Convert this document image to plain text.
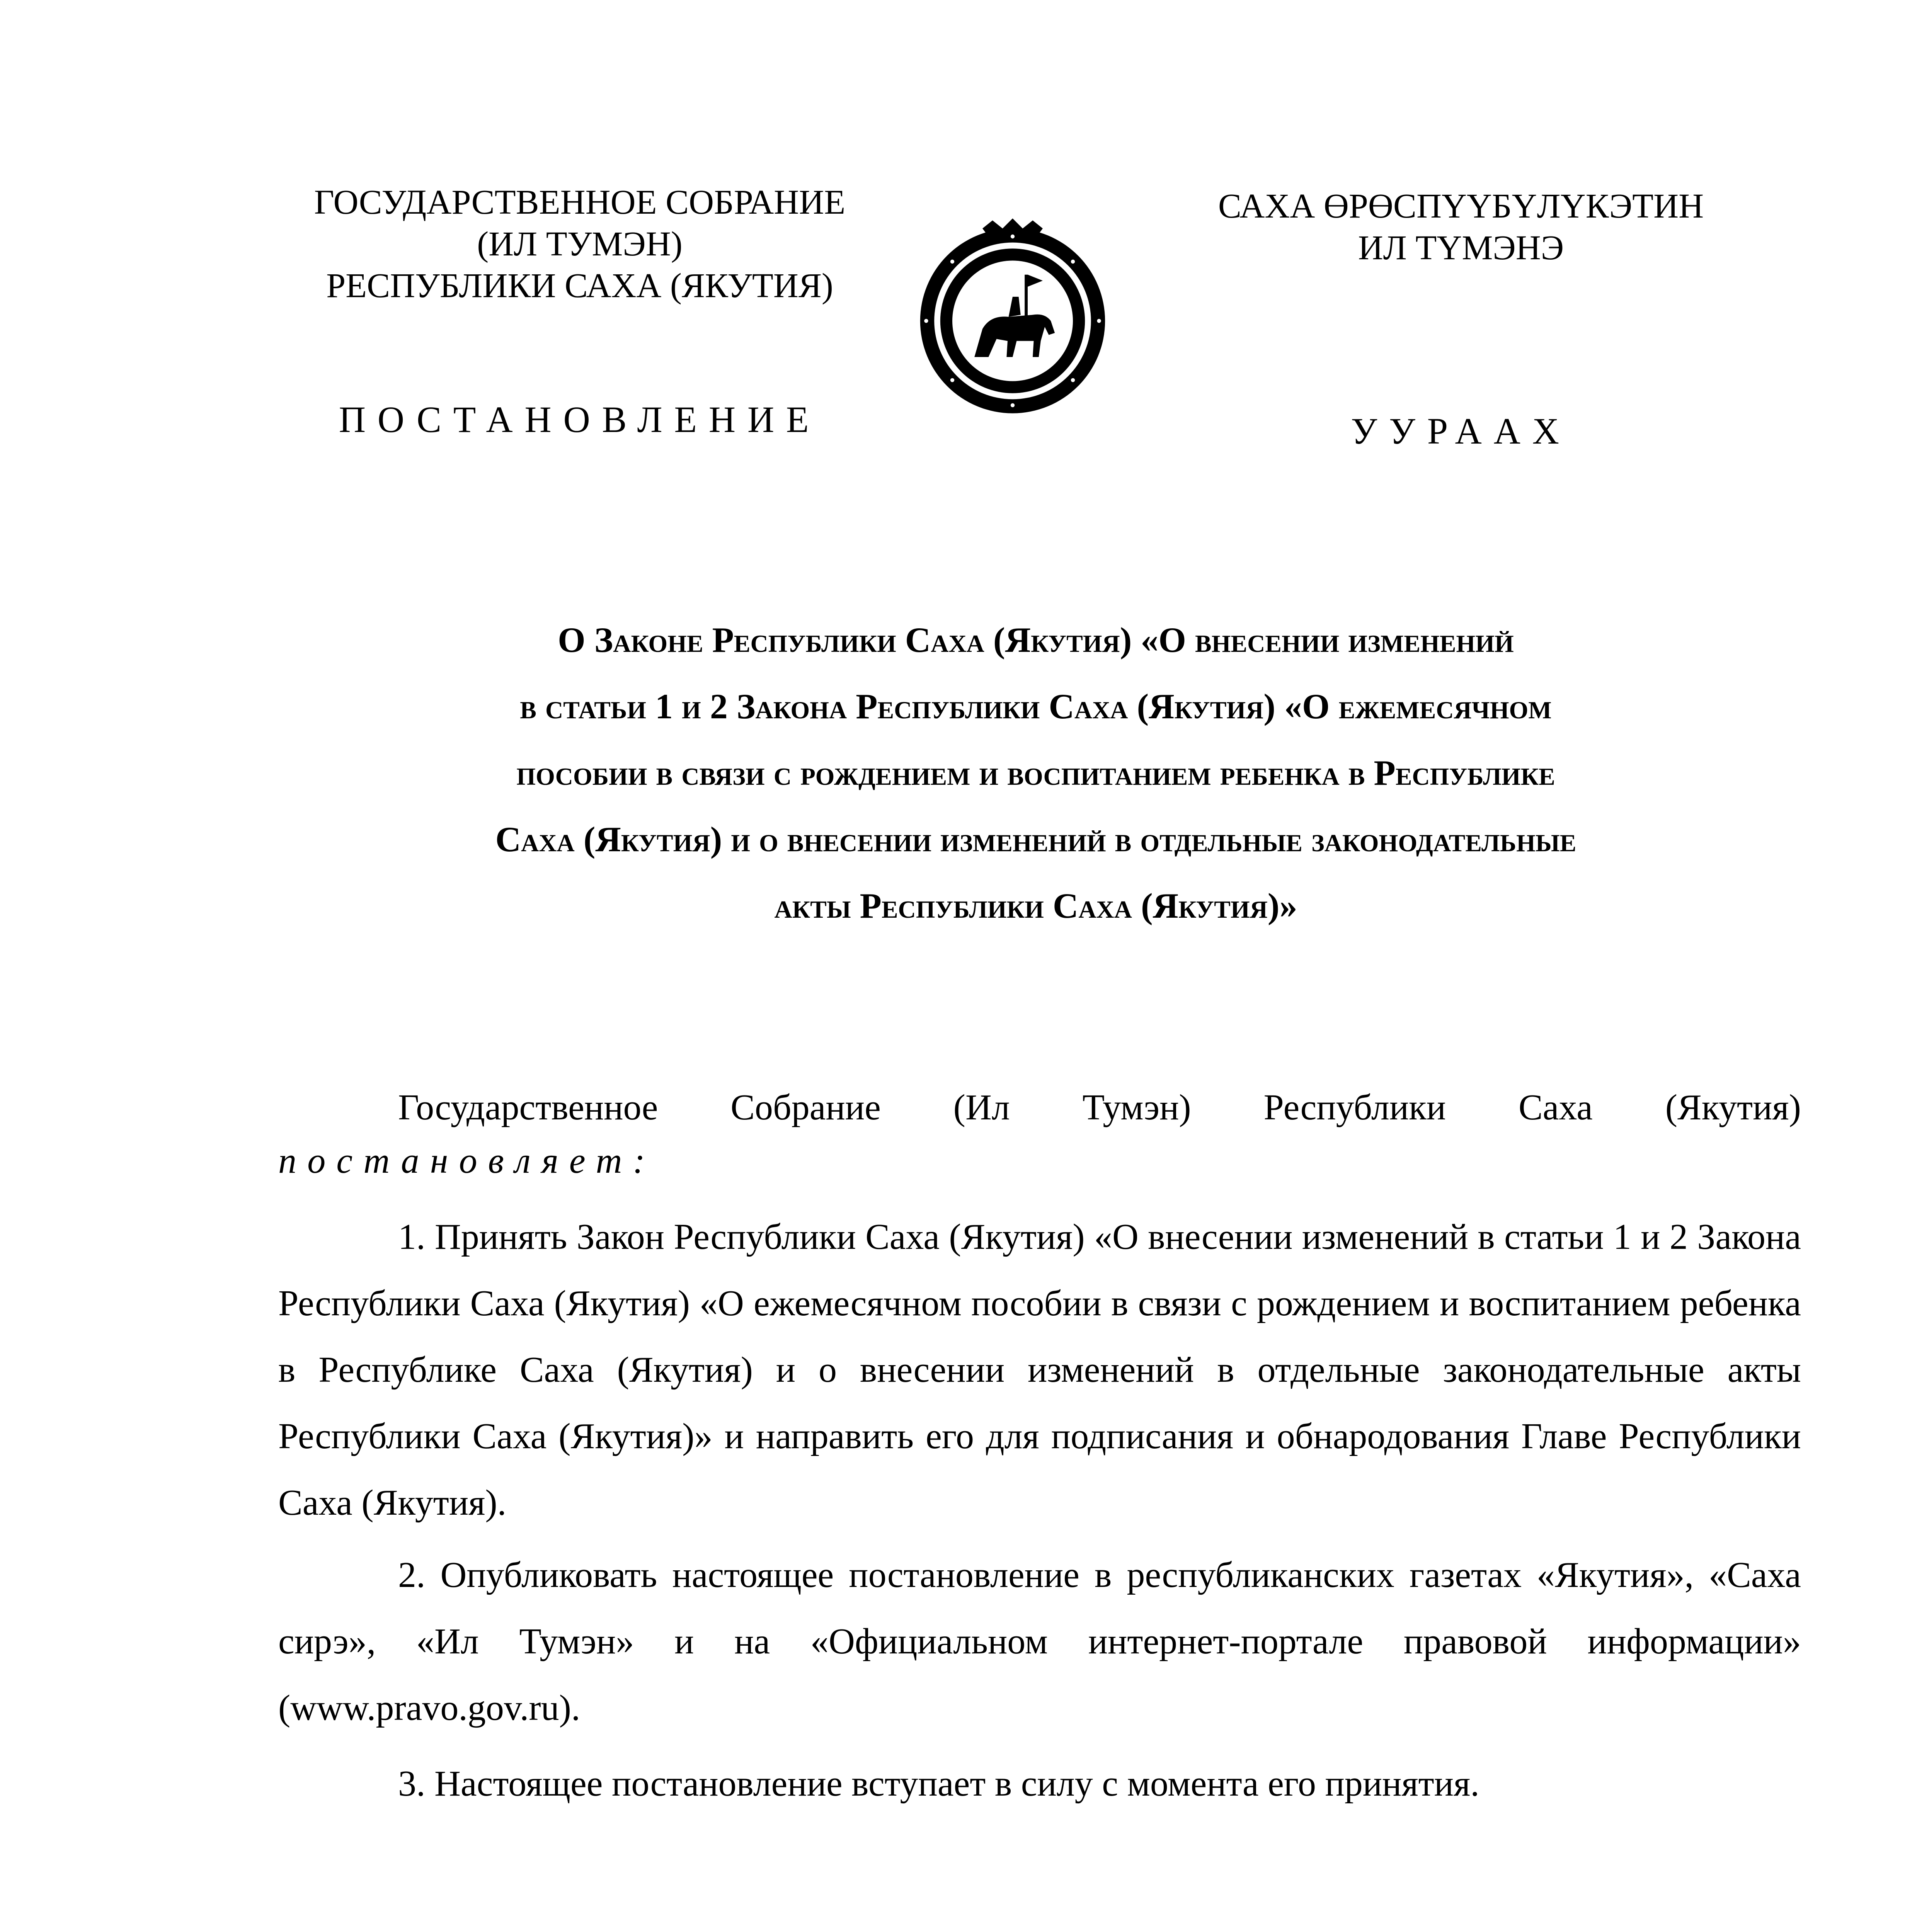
ГОСУДАРСТВЕННОЕ СОБРАНИЕ
(ИЛ ТУМЭН)
РЕСПУБЛИКИ САХА (ЯКУТИЯ)
САХА ӨРӨСПҮҮБҮЛҮКЭТИН
ИЛ ТҮМЭНЭ
ПОСТАНОВЛЕНИЕ	УУРААХ
О Законе Республики Саха (Якутия) «О внесении изменений
в статьи 1 и 2 Закона Республики Саха (Якутия) «О ежемесячном
пособии в связи с рождением и воспитанием ребенка в Республике
Саха (Якутия) и о внесении изменений в отдельные законодательные
акты Республики Саха (Якутия)»
Государственное Собрание (Ил Тумэн) Республики Саха (Якутия)
постановляет:

1. Принять Закон Республики Саха (Якутия) «О внесении изменений в статьи 1 и 2 Закона Республики Саха (Якутия) «О ежемесячном пособии в связи с рождением и воспитанием ребенка в Республике Саха (Якутия) и о внесении изменений в отдельные законодательные акты Республики Саха (Якутия)» и направить его для подписания и обнародования Главе Республики Саха (Якутия).

2. Опубликовать настоящее постановление в республиканских газетах «Якутия», «Саха сирэ», «Ил Тумэн» и на «Официальном интернет-портале правовой информации» (www.pravo.gov.ru).

3. Настоящее постановление вступает в силу с момента его принятия.
